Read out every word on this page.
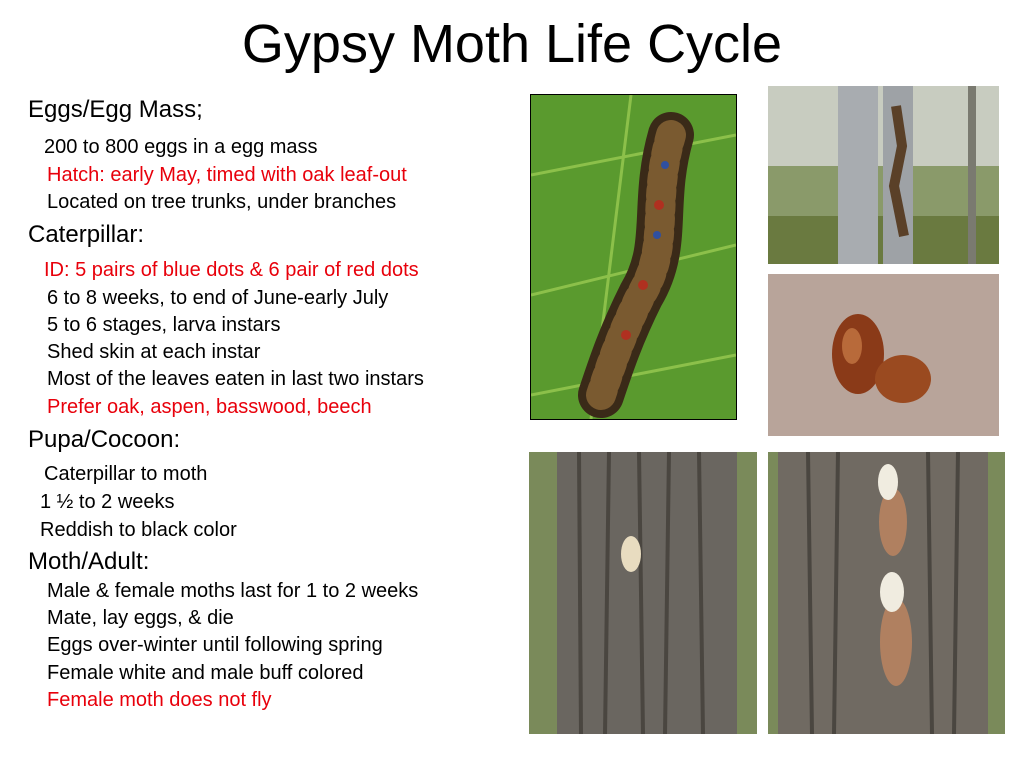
Gypsy Moth Life Cycle
Eggs/Egg Mass;
200 to 800 eggs in a egg mass
Hatch: early May, timed with oak leaf-out
Located on tree trunks, under branches
Caterpillar:
ID: 5 pairs of blue dots & 6 pair of red dots
6 to 8 weeks, to end of June-early July
5 to 6 stages, larva instars
Shed skin at each instar
Most of the leaves eaten in last two instars
Prefer oak, aspen, basswood, beech
Pupa/Cocoon:
Caterpillar to moth
1 ½ to 2 weeks
Reddish to black color
Moth/Adult:
Male & female moths last for 1 to 2 weeks
Mate, lay eggs, & die
Eggs over-winter until following spring
Female white and male buff colored
Female moth does not fly
